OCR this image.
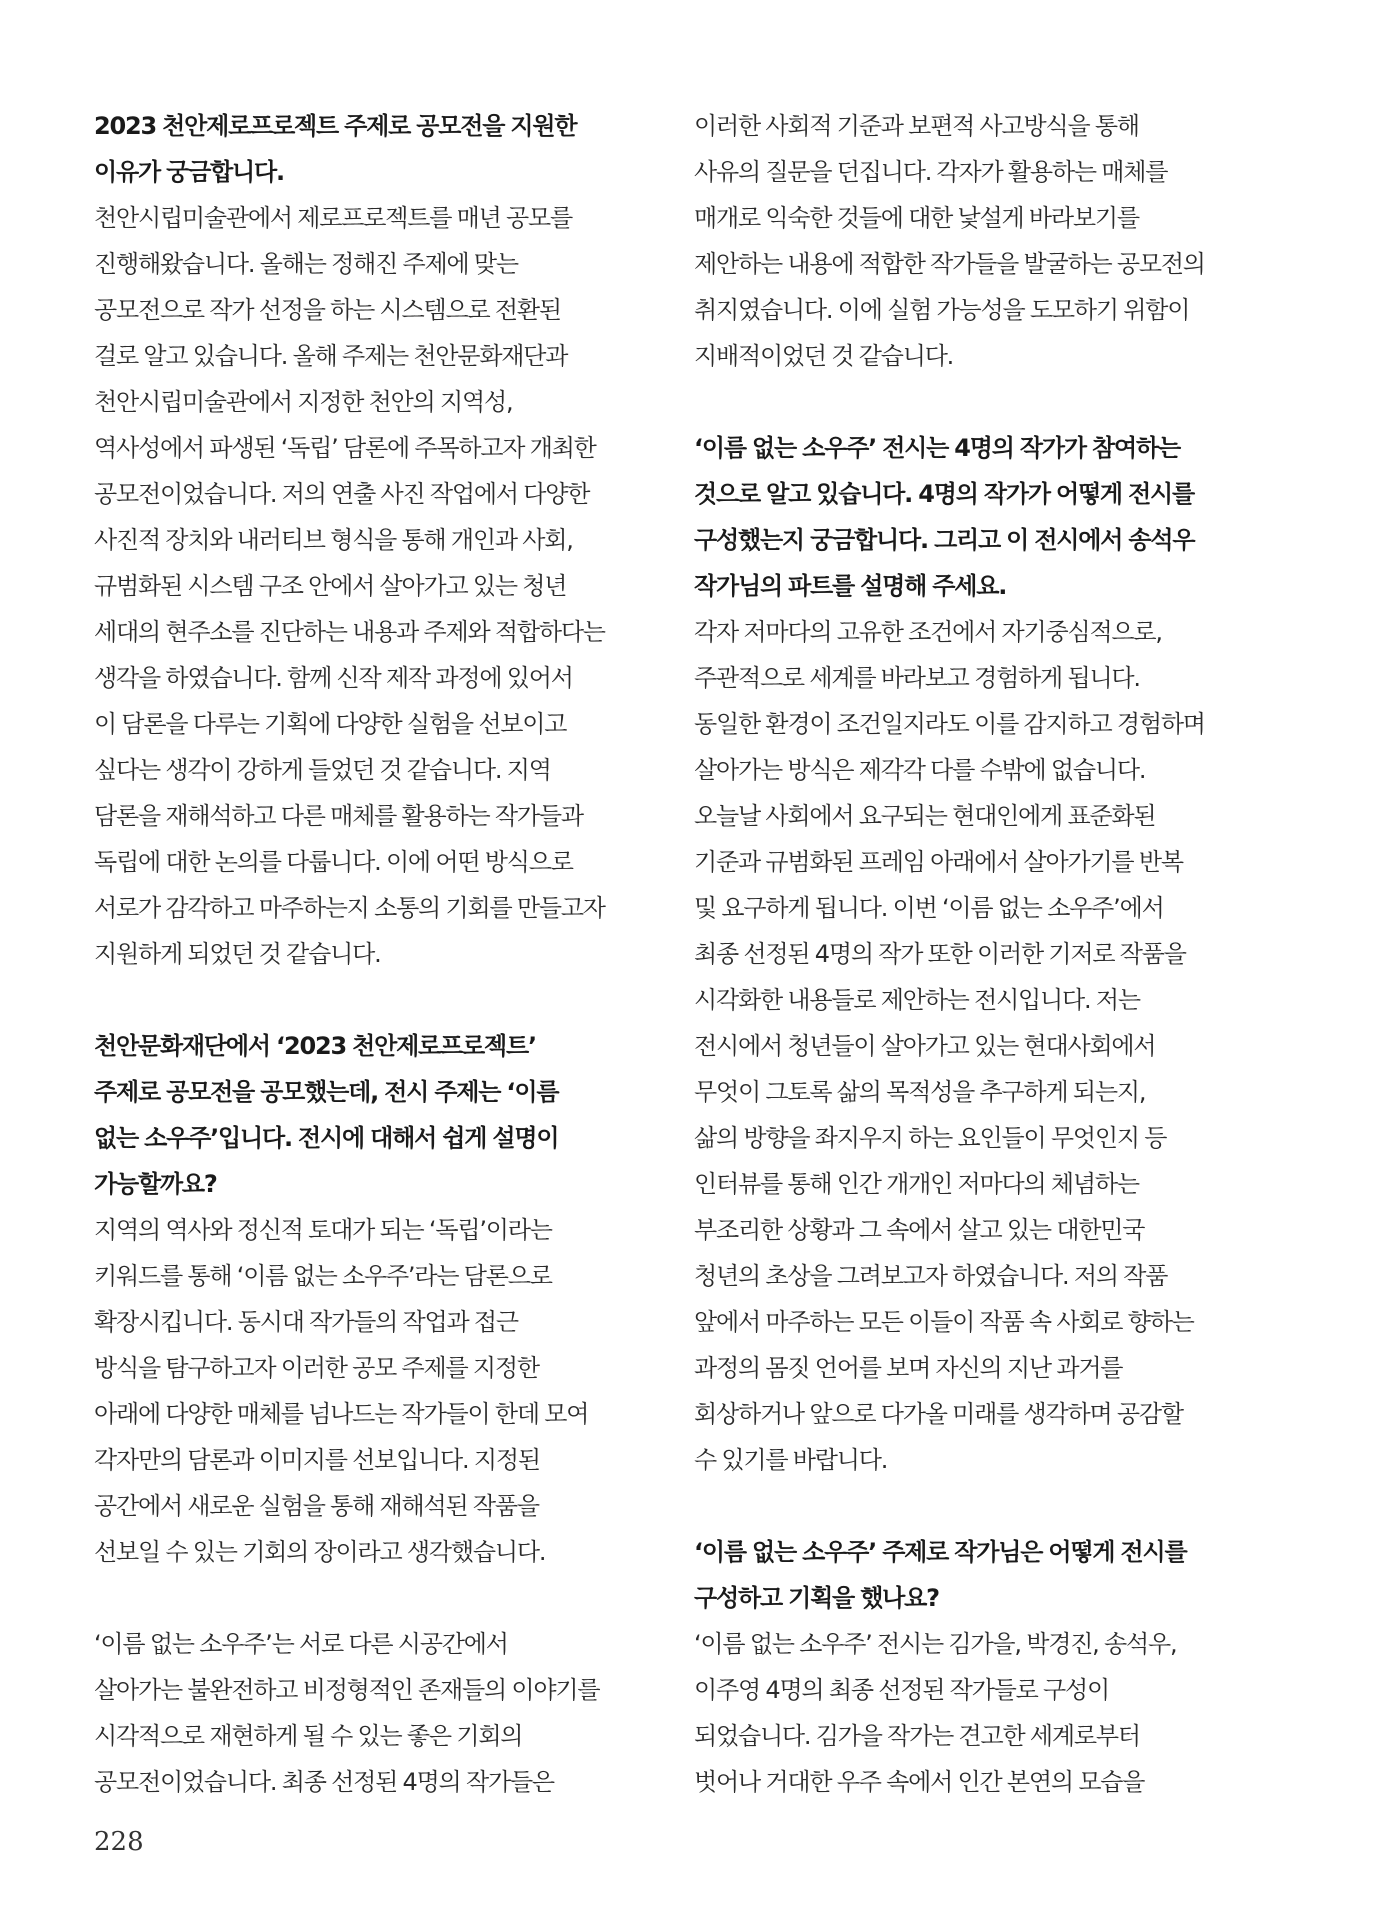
2023 천안제로프로젝트 주제로 공모전을 지원한
이유가 궁금합니다.
천안시립미술관에서 제로프로젝트를 매년 공모를
진행해왔습니다. 올해는 정해진 주제에 맞는
공모전으로 작가 선정을 하는 시스템으로 전환된
걸로 알고 있습니다. 올해 주제는 천안문화재단과
천안시립미술관에서 지정한 천안의 지역성,
역사성에서 파생된 ‘독립’ 담론에 주목하고자 개최한
공모전이었습니다. 저의 연출 사진 작업에서 다양한
사진적 장치와 내러티브 형식을 통해 개인과 사회,
규범화된 시스템 구조 안에서 살아가고 있는 청년
세대의 현주소를 진단하는 내용과 주제와 적합하다는
생각을 하였습니다. 함께 신작 제작 과정에 있어서
이 담론을 다루는 기획에 다양한 실험을 선보이고
싶다는 생각이 강하게 들었던 것 같습니다. 지역
담론을 재해석하고 다른 매체를 활용하는 작가들과
독립에 대한 논의를 다룹니다. 이에 어떤 방식으로
서로가 감각하고 마주하는지 소통의 기회를 만들고자
지원하게 되었던 것 같습니다.
천안문화재단에서 ‘2023 천안제로프로젝트’
주제로 공모전을 공모했는데, 전시 주제는 ‘이름
없는 소우주’입니다. 전시에 대해서 쉽게 설명이
가능할까요?
지역의 역사와 정신적 토대가 되는 ‘독립’이라는
키워드를 통해 ‘이름 없는 소우주’라는 담론으로
확장시킵니다. 동시대 작가들의 작업과 접근
방식을 탐구하고자 이러한 공모 주제를 지정한
아래에 다양한 매체를 넘나드는 작가들이 한데 모여
각자만의 담론과 이미지를 선보입니다. 지정된
공간에서 새로운 실험을 통해 재해석된 작품을
선보일 수 있는 기회의 장이라고 생각했습니다.
‘이름 없는 소우주’는 서로 다른 시공간에서
살아가는 불완전하고 비정형적인 존재들의 이야기를
시각적으로 재현하게 될 수 있는 좋은 기회의
공모전이었습니다. 최종 선정된 4명의 작가들은
이러한 사회적 기준과 보편적 사고방식을 통해
사유의 질문을 던집니다. 각자가 활용하는 매체를
매개로 익숙한 것들에 대한 낯설게 바라보기를
제안하는 내용에 적합한 작가들을 발굴하는 공모전의
취지였습니다. 이에 실험 가능성을 도모하기 위함이
지배적이었던 것 같습니다.
‘이름 없는 소우주’ 전시는 4명의 작가가 참여하는
것으로 알고 있습니다. 4명의 작가가 어떻게 전시를
구성했는지 궁금합니다. 그리고 이 전시에서 송석우
작가님의 파트를 설명해 주세요.
각자 저마다의 고유한 조건에서 자기중심적으로,
주관적으로 세계를 바라보고 경험하게 됩니다.
동일한 환경이 조건일지라도 이를 감지하고 경험하며
살아가는 방식은 제각각 다를 수밖에 없습니다.
오늘날 사회에서 요구되는 현대인에게 표준화된
기준과 규범화된 프레임 아래에서 살아가기를 반복
및 요구하게 됩니다. 이번 ‘이름 없는 소우주’에서
최종 선정된 4명의 작가 또한 이러한 기저로 작품을
시각화한 내용들로 제안하는 전시입니다. 저는
전시에서 청년들이 살아가고 있는 현대사회에서
무엇이 그토록 삶의 목적성을 추구하게 되는지,
삶의 방향을 좌지우지 하는 요인들이 무엇인지 등
인터뷰를 통해 인간 개개인 저마다의 체념하는
부조리한 상황과 그 속에서 살고 있는 대한민국
청년의 초상을 그려보고자 하였습니다. 저의 작품
앞에서 마주하는 모든 이들이 작품 속 사회로 향하는
과정의 몸짓 언어를 보며 자신의 지난 과거를
회상하거나 앞으로 다가올 미래를 생각하며 공감할
수 있기를 바랍니다.
‘이름 없는 소우주’ 주제로 작가님은 어떻게 전시를
구성하고 기획을 했나요?
‘이름 없는 소우주’ 전시는 김가을, 박경진, 송석우,
이주영 4명의 최종 선정된 작가들로 구성이
되었습니다. 김가을 작가는 견고한 세계로부터
벗어나 거대한 우주 속에서 인간 본연의 모습을
228
